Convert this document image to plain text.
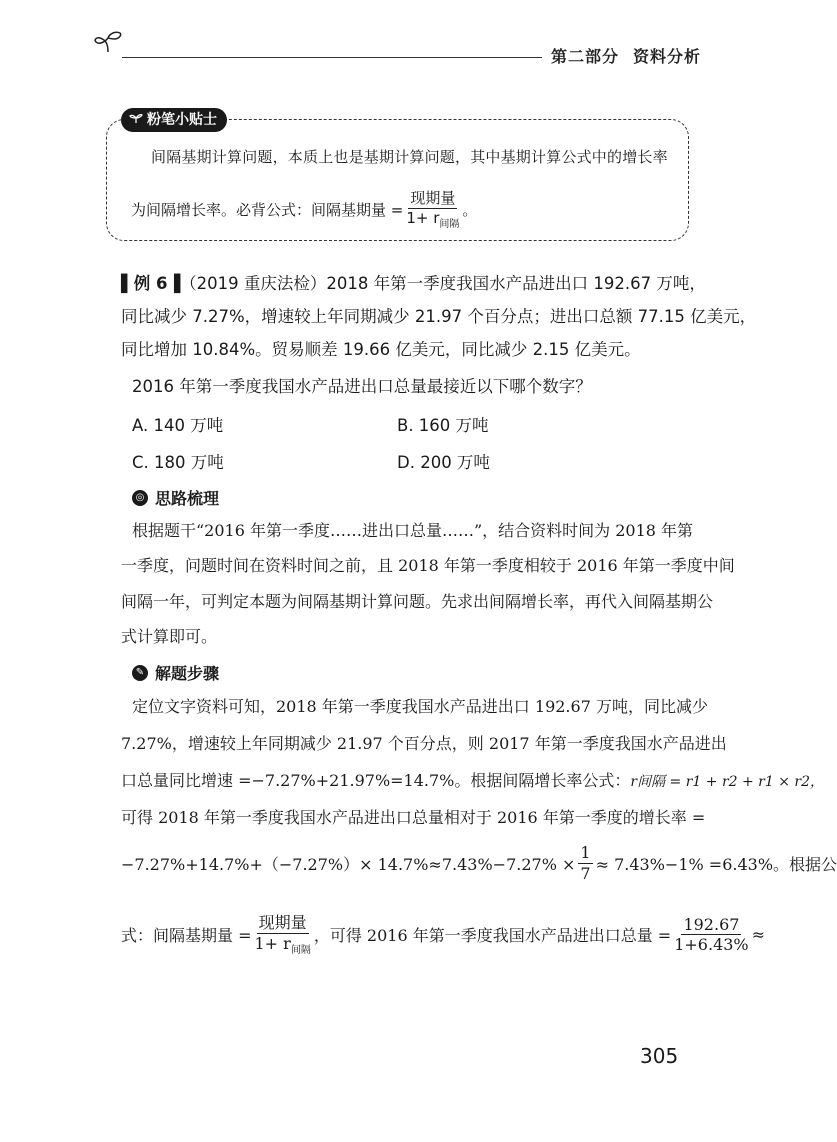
第二部分 资料分析
粉笔小贴士
间隔基期计算问题，本质上也是基期计算问题，其中基期计算公式中的增长率
为间隔增长率。必背公式：间隔基期量 = $\frac{\text{现期量}}{1+ r_{间隔}}$ 。
▌例 6▐（2019 重庆法检）2018 年第一季度我国水产品进出口 192.67 万吨，
同比减少 7.27%，增速较上年同期减少 21.97 个百分点；进出口总额 77.15 亿美元，
同比增加 10.84%。贸易顺差 19.66 亿美元，同比减少 2.15 亿美元。
2016 年第一季度我国水产品进出口总量最接近以下哪个数字？
A. 140 万吨	B. 160 万吨
C. 180 万吨	D. 200 万吨
◎ 思路梳理
根据题干“2016 年第一季度……进出口总量……”，结合资料时间为 2018 年第
一季度，问题时间在资料时间之前，且 2018 年第一季度相较于 2016 年第一季度中间
间隔一年，可判定本题为间隔基期计算问题。先求出间隔增长率，再代入间隔基期公
式计算即可。
✎ 解题步骤
定位文字资料可知，2018 年第一季度我国水产品进出口 192.67 万吨，同比减少
7.27%，增速较上年同期减少 21.97 个百分点，则 2017 年第一季度我国水产品进出
口总量同比增速 =−7.27%+21.97%=14.7%。根据间隔增长率公式：r间隔 = r1 + r2 + r1 × r2，
可得 2018 年第一季度我国水产品进出口总量相对于 2016 年第一季度的增长率 =
$-7.27\%+14.7\%+(-7.27\%)\times 14.7\%\approx 7.43\%-7.27\% \times \frac{1}{7} \approx 7.43\%-1\% =6.43\%$。根据公
式：间隔基期量 = $\frac{\text{现期量}}{1+ r_{间隔}}$ ，可得 2016 年第一季度我国水产品进出口总量 = $\frac{192.67}{1+6.43\%}$ ≈
305
